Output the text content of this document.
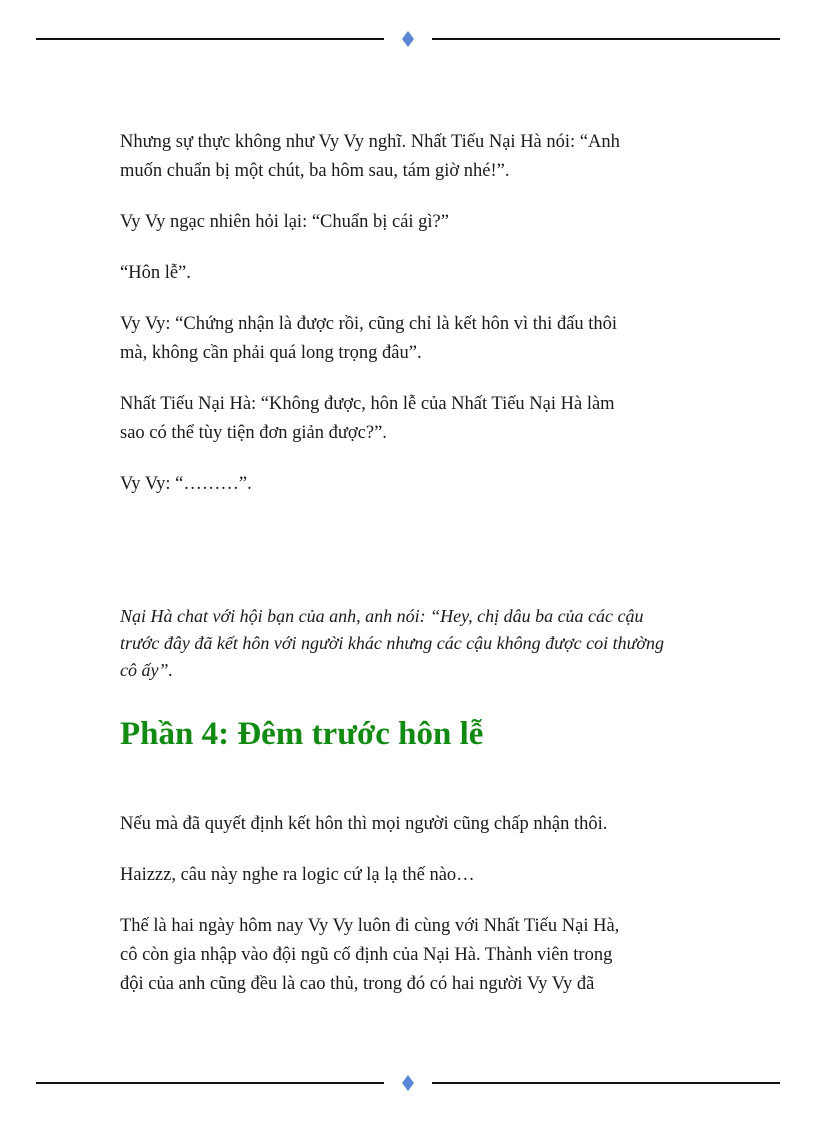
Nhưng sự thực không như Vy Vy nghĩ. Nhất Tiếu Nại Hà nói: “Anh
muốn chuẩn bị một chút, ba hôm sau, tám giờ nhé!”.

Vy Vy ngạc nhiên hỏi lại: “Chuẩn bị cái gì?”

“Hôn lễ”.

Vy Vy: “Chứng nhận là được rồi, cũng chỉ là kết hôn vì thi đấu thôi
mà, không cần phải quá long trọng đâu”.

Nhất Tiếu Nại Hà: “Không được, hôn lễ của Nhất Tiếu Nại Hà làm
sao có thể tùy tiện đơn giản được?”.

Vy Vy: “………”.

Nại Hà chat với hội bạn của anh, anh nói: “Hey, chị dâu ba của các cậu
trước đây đã kết hôn với người khác nhưng các cậu không được coi thường
cô ấy”.

Phần 4: Đêm trước hôn lễ

Nếu mà đã quyết định kết hôn thì mọi người cũng chấp nhận thôi.

Haizzz, câu này nghe ra logic cứ lạ lạ thế nào…

Thế là hai ngày hôm nay Vy Vy luôn đi cùng với Nhất Tiếu Nại Hà,
cô còn gia nhập vào đội ngũ cố định của Nại Hà. Thành viên trong
đội của anh cũng đều là cao thủ, trong đó có hai người Vy Vy đã
